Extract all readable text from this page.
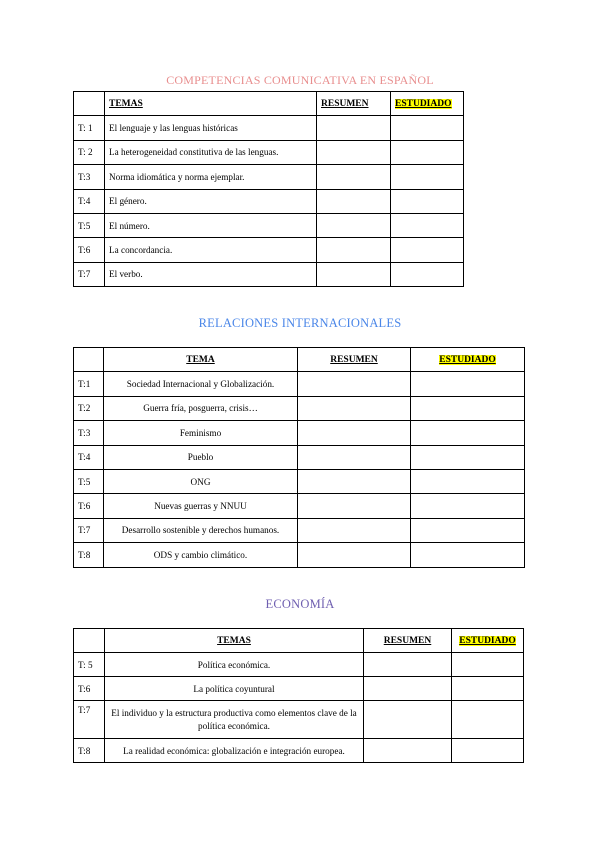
COMPETENCIAS COMUNICATIVA EN ESPAÑOL
	TEMAS	RESUMEN	ESTUDIADO
T: 1	El lenguaje y las lenguas históricas		
T: 2	La heterogeneidad constitutiva de las lenguas.		
T:3	Norma idiomática y norma ejemplar.		
T:4	El género.		
T:5	El número.		
T:6	La concordancia.		
T:7	El verbo.		
RELACIONES INTERNACIONALES
	TEMA	RESUMEN	ESTUDIADO
T:1	Sociedad Internacional y Globalización.		
T:2	Guerra fría, posguerra, crisis…		
T:3	Feminismo		
T:4	Pueblo		
T:5	ONG		
T:6	Nuevas guerras y NNUU		
T:7	Desarrollo sostenible y derechos humanos.		
T:8	ODS y cambio climático.		
ECONOMÍA
	TEMAS	RESUMEN	ESTUDIADO
T: 5	Política económica.		
T:6	La política coyuntural		
T:7	El individuo y la estructura productiva como elementos clave de la política económica.		
T:8	La realidad económica: globalización e integración europea.		
